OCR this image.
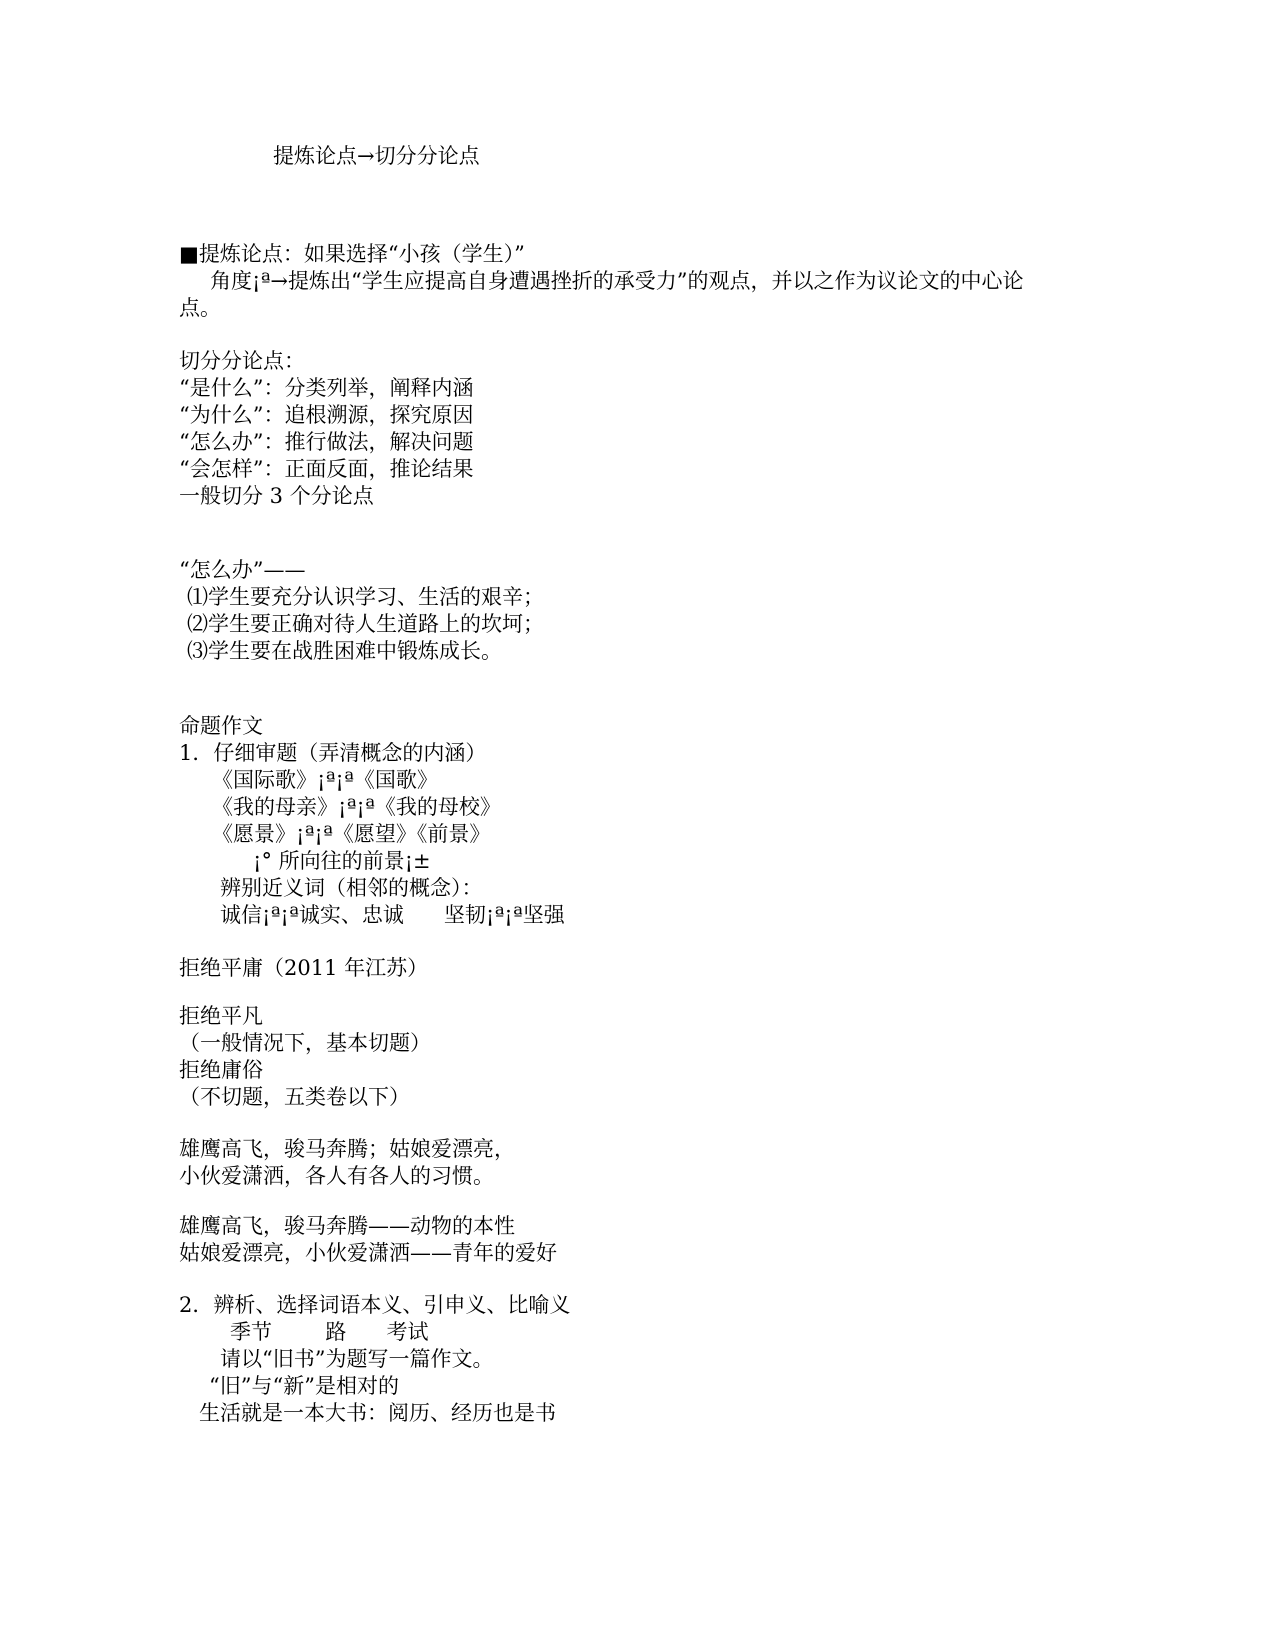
提炼论点→切分分论点
■提炼论点：如果选择“小孩（学生）”
角度¡ª→提炼出“学生应提高自身遭遇挫折的承受力”的观点，并以之作为议论文的中心论
点。
切分分论点：
“是什么”：分类列举，阐释内涵
“为什么”：追根溯源，探究原因
“怎么办”：推行做法，解决问题
“会怎样”：正面反面，推论结果
一般切分 3 个分论点
“怎么办”——
⑴学生要充分认识学习、生活的艰辛；
⑵学生要正确对待人生道路上的坎坷；
⑶学生要在战胜困难中锻炼成长。
命题作文
1．仔细审题（弄清概念的内涵）
《国际歌》¡ª¡ª《国歌》
《我的母亲》¡ª¡ª《我的母校》
《愿景》¡ª¡ª《愿望》《前景》
¡° 所向往的前景¡±
辨别近义词（相邻的概念）：
诚信¡ª¡ª诚实、忠诚      坚韧¡ª¡ª坚强
拒绝平庸（2011 年江苏）
拒绝平凡
（一般情况下，基本切题）
拒绝庸俗
（不切题，五类卷以下）
雄鹰高飞，骏马奔腾；姑娘爱漂亮，
小伙爱潇洒，各人有各人的习惯。
雄鹰高飞，骏马奔腾——动物的本性
姑娘爱漂亮，小伙爱潇洒——青年的爱好
2．辨析、选择词语本义、引申义、比喻义
季节        路      考试
请以“旧书”为题写一篇作文。
“旧”与“新”是相对的
生活就是一本大书：阅历、经历也是书
